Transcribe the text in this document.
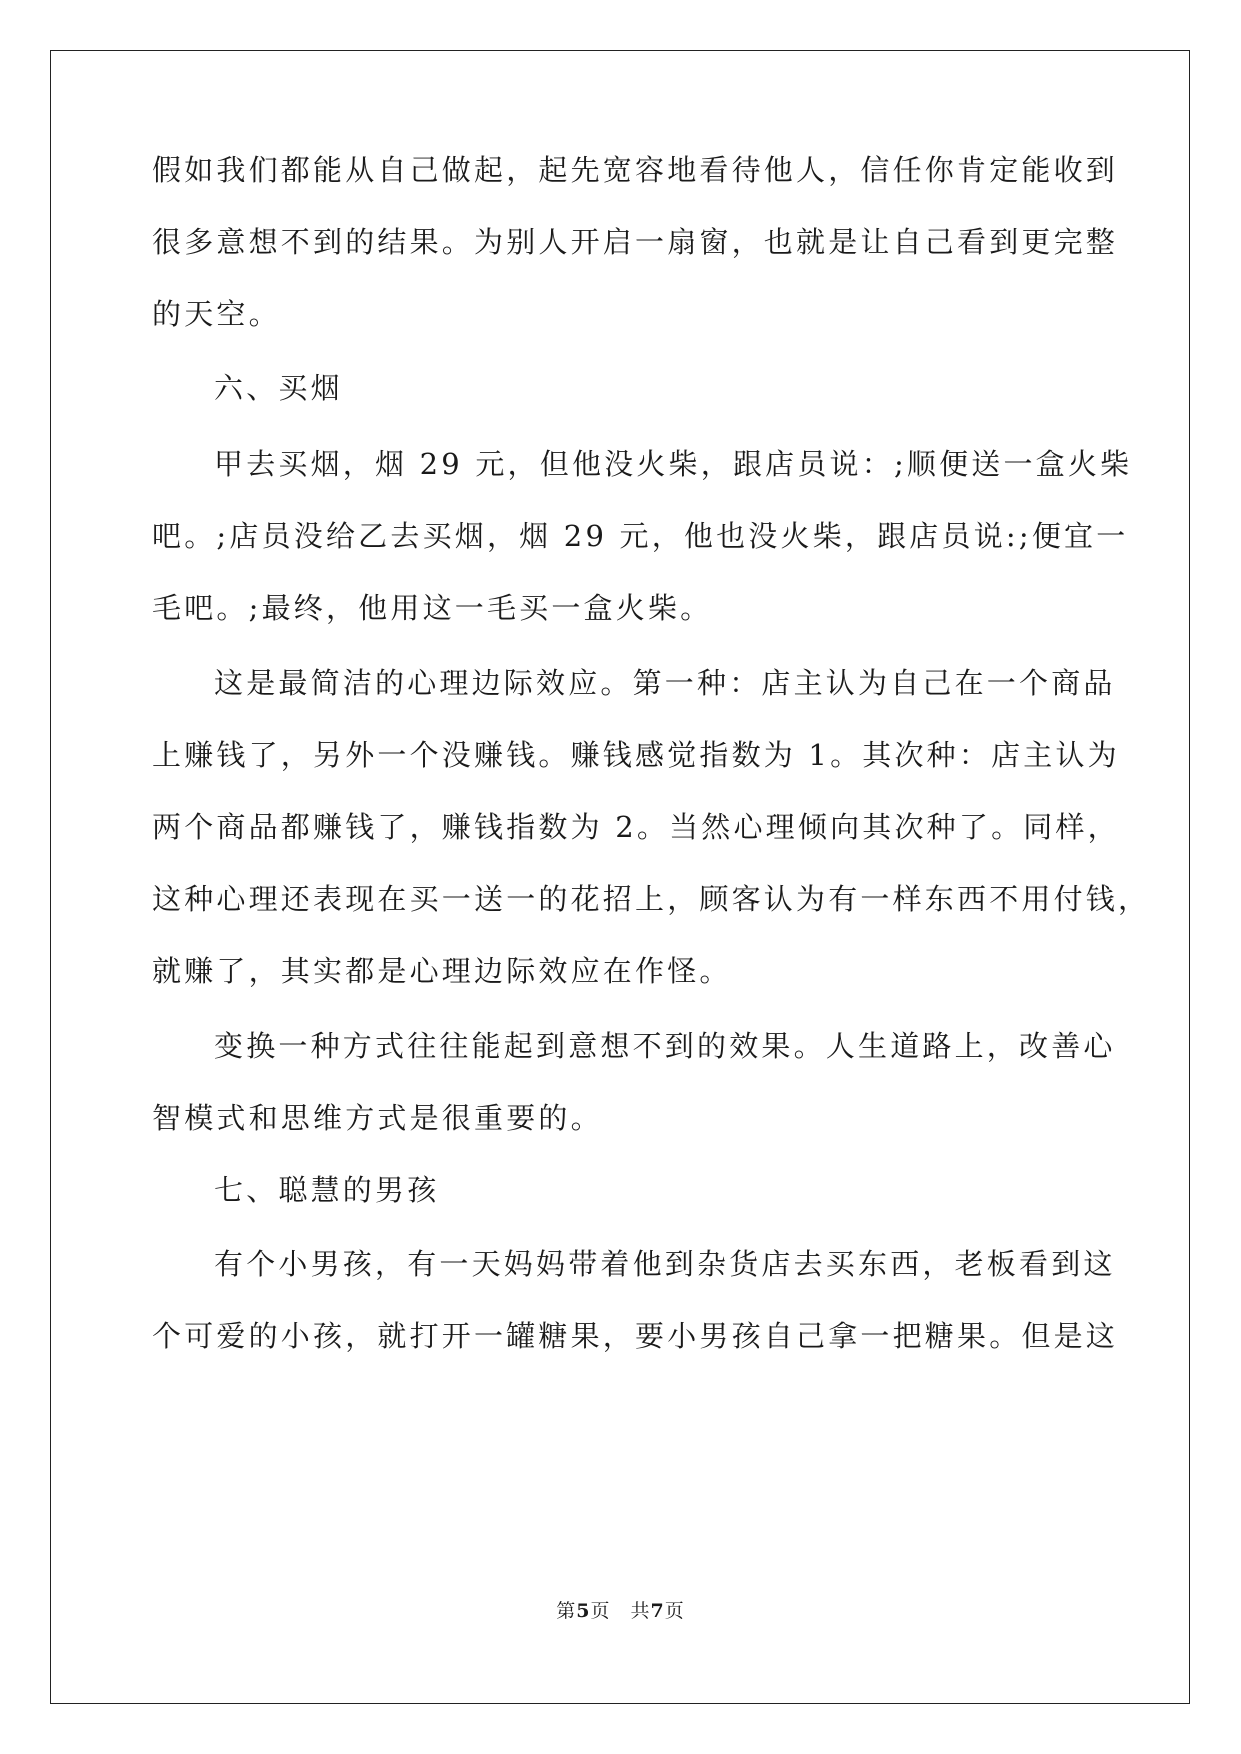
假如我们都能从自己做起，起先宽容地看待他人，信任你肯定能收到
很多意想不到的结果。为别人开启一扇窗，也就是让自己看到更完整
的天空。
六、买烟
甲去买烟，烟 29 元，但他没火柴，跟店员说：;顺便送一盒火柴
吧。;店员没给乙去买烟，烟 29 元，他也没火柴，跟店员说:;便宜一
毛吧。;最终，他用这一毛买一盒火柴。
这是最简洁的心理边际效应。第一种：店主认为自己在一个商品
上赚钱了，另外一个没赚钱。赚钱感觉指数为 1。其次种：店主认为
两个商品都赚钱了，赚钱指数为 2。当然心理倾向其次种了。同样，
这种心理还表现在买一送一的花招上，顾客认为有一样东西不用付钱，
就赚了，其实都是心理边际效应在作怪。
变换一种方式往往能起到意想不到的效果。人生道路上，改善心
智模式和思维方式是很重要的。
七、聪慧的男孩
有个小男孩，有一天妈妈带着他到杂货店去买东西，老板看到这
个可爱的小孩，就打开一罐糖果，要小男孩自己拿一把糖果。但是这
第5页　共7页
